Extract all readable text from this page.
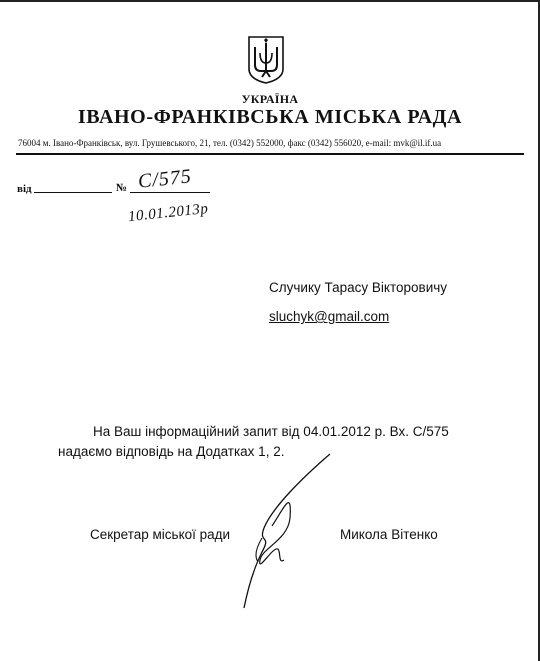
УКРАЇНА
ІВАНО-ФРАНКІВСЬКА МІСЬКА РАДА
76004 м. Івано-Франківськ, вул. Грушевського, 21, тел. (0342) 552000, факс (0342) 556020, e-mail: mvk@il.if.ua
від	№ С/575
10.01.2013р
Случику Тарасу Вікторовичу
sluchyk@gmail.com
На Ваш інформаційний запит від 04.01.2012 р. Вх. С/575 надаємо відповідь на Додатках 1, 2.
Секретар міської ради	Микола Вітенко
